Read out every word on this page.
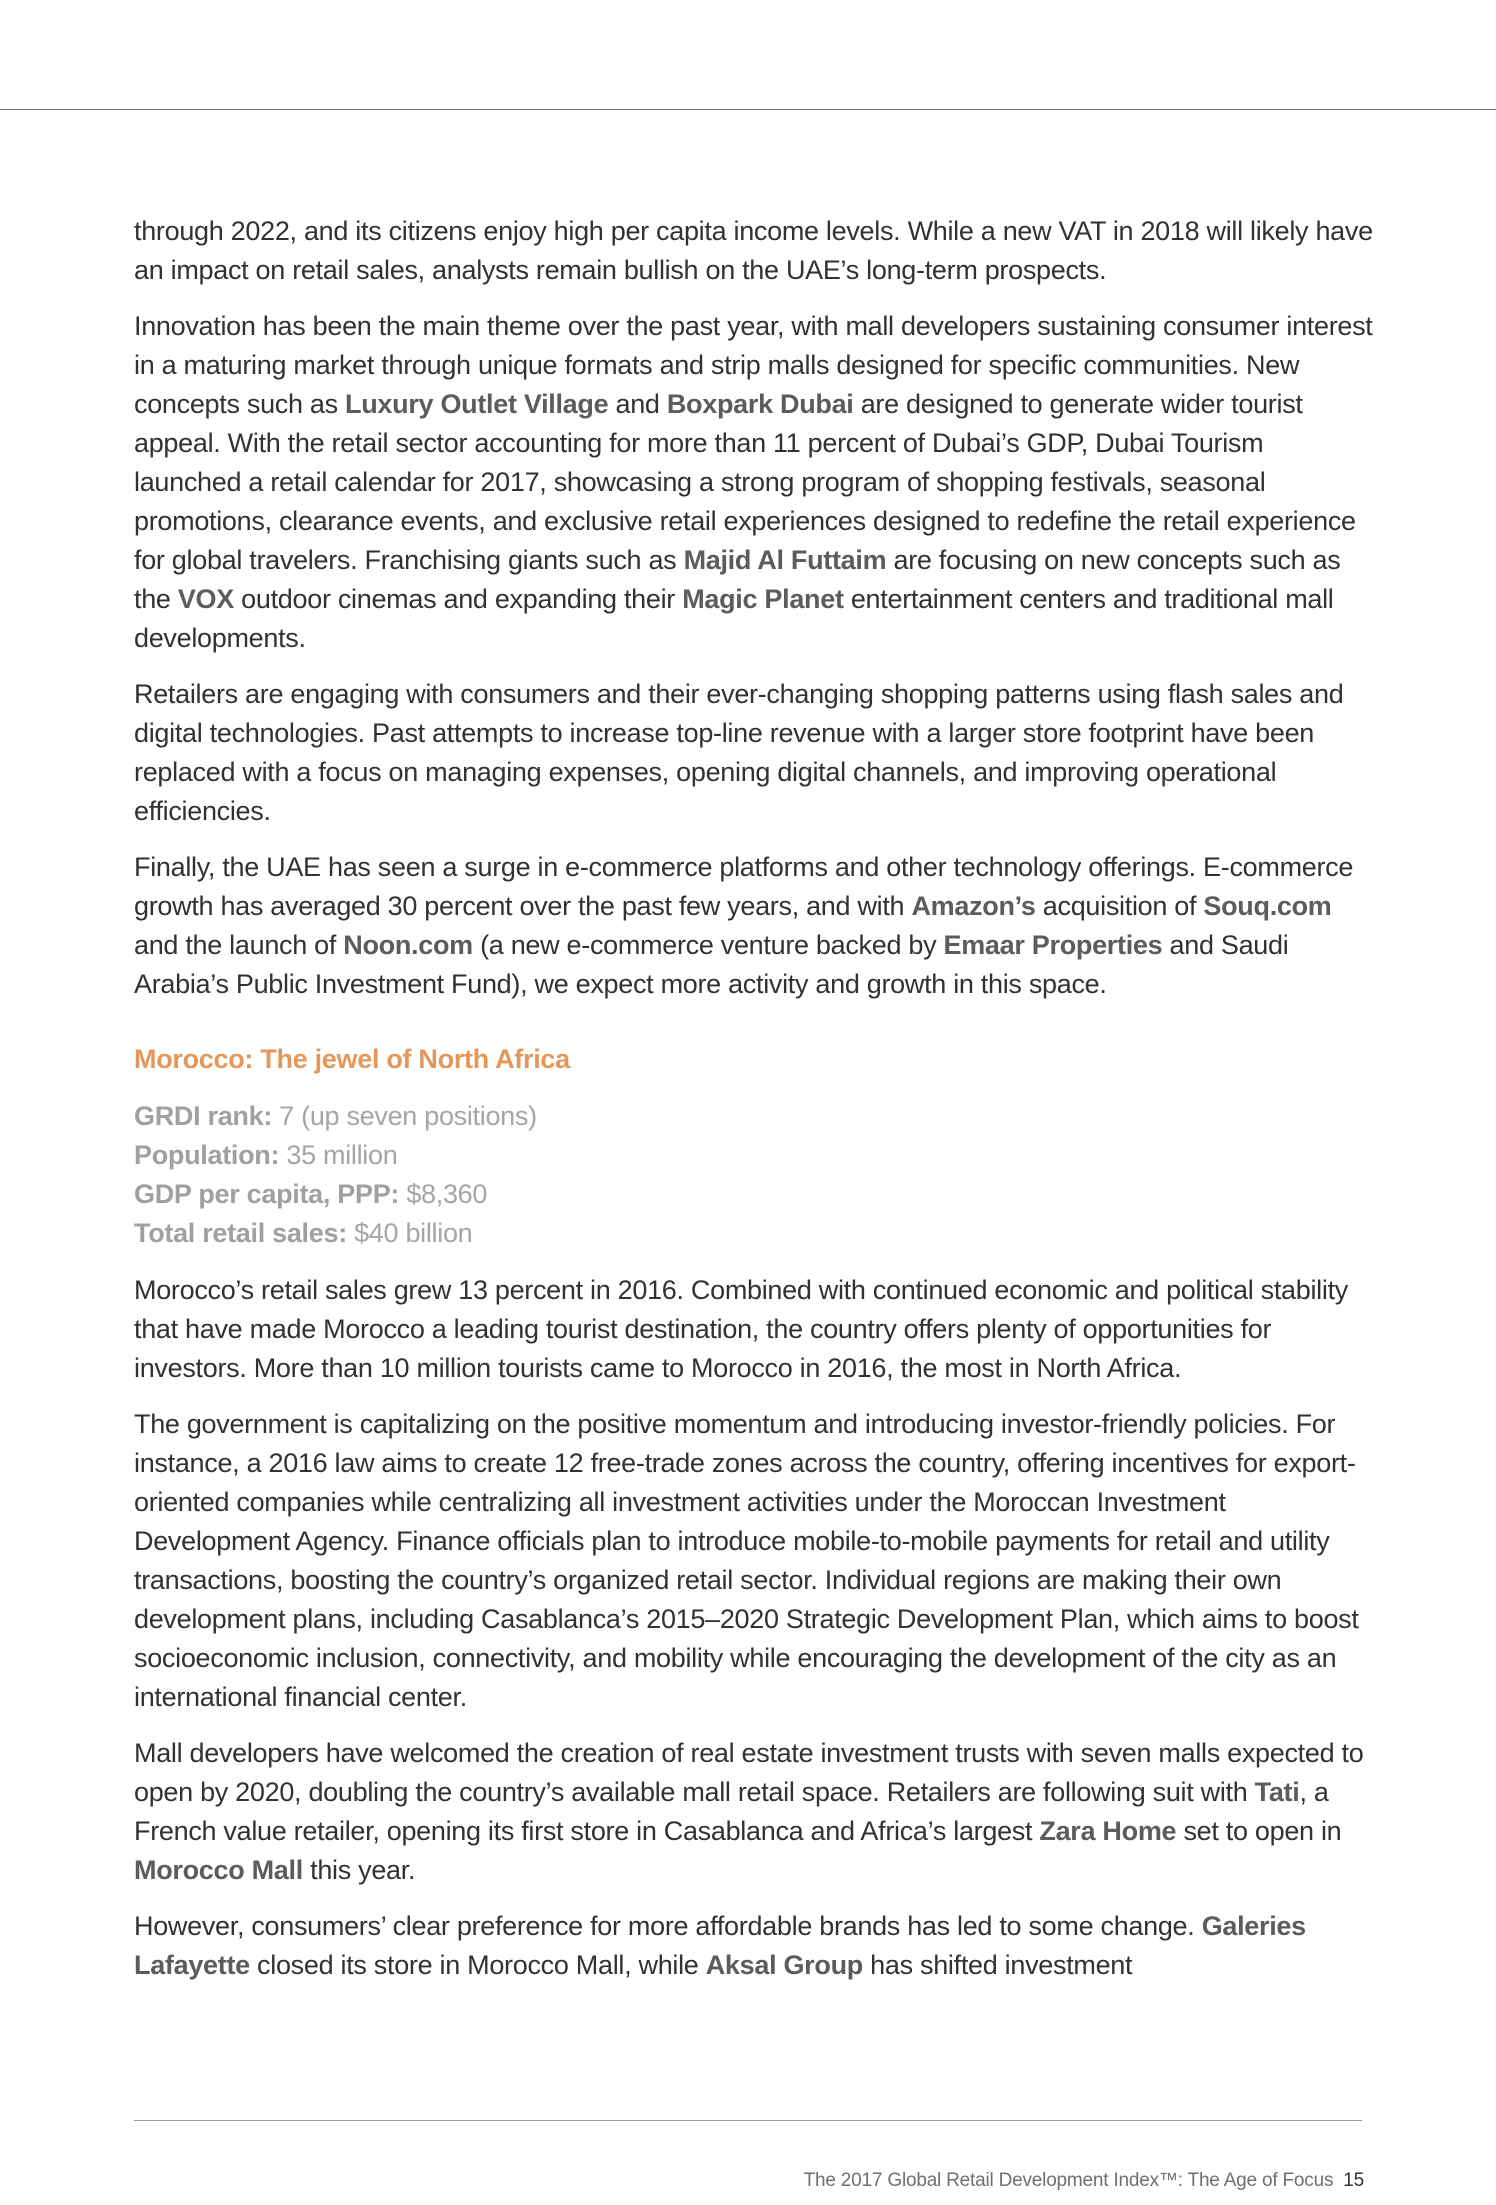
through 2022, and its citizens enjoy high per capita income levels. While a new VAT in 2018 will likely have an impact on retail sales, analysts remain bullish on the UAE’s long-term prospects.

Innovation has been the main theme over the past year, with mall developers sustaining consumer interest in a maturing market through unique formats and strip malls designed for specific communities. New concepts such as Luxury Outlet Village and Boxpark Dubai are designed to generate wider tourist appeal. With the retail sector accounting for more than 11 percent of Dubai’s GDP, Dubai Tourism launched a retail calendar for 2017, showcasing a strong program of shopping festivals, seasonal promotions, clearance events, and exclusive retail experiences designed to redefine the retail experience for global travelers. Franchising giants such as Majid Al Futtaim are focusing on new concepts such as the VOX outdoor cinemas and expanding their Magic Planet entertainment centers and traditional mall developments.

Retailers are engaging with consumers and their ever-changing shopping patterns using flash sales and digital technologies. Past attempts to increase top-line revenue with a larger store footprint have been replaced with a focus on managing expenses, opening digital channels, and improving operational efficiencies.

Finally, the UAE has seen a surge in e-commerce platforms and other technology offerings. E-commerce growth has averaged 30 percent over the past few years, and with Amazon’s acquisition of Souq.com and the launch of Noon.com (a new e-commerce venture backed by Emaar Properties and Saudi Arabia’s Public Investment Fund), we expect more activity and growth in this space.

Morocco: The jewel of North Africa
GRDI rank: 7 (up seven positions)
Population: 35 million
GDP per capita, PPP: $8,360
Total retail sales: $40 billion

Morocco’s retail sales grew 13 percent in 2016. Combined with continued economic and political stability that have made Morocco a leading tourist destination, the country offers plenty of opportunities for investors. More than 10 million tourists came to Morocco in 2016, the most in North Africa.

The government is capitalizing on the positive momentum and introducing investor-friendly policies. For instance, a 2016 law aims to create 12 free-trade zones across the country, offering incentives for export-oriented companies while centralizing all investment activities under the Moroccan Investment Development Agency. Finance officials plan to introduce mobile-to-mobile payments for retail and utility transactions, boosting the country’s organized retail sector. Individual regions are making their own development plans, including Casablanca’s 2015–2020 Strategic Development Plan, which aims to boost socioeconomic inclusion, connectivity, and mobility while encouraging the development of the city as an international financial center.

Mall developers have welcomed the creation of real estate investment trusts with seven malls expected to open by 2020, doubling the country’s available mall retail space. Retailers are following suit with Tati, a French value retailer, opening its first store in Casablanca and Africa’s largest Zara Home set to open in Morocco Mall this year.

However, consumers’ clear preference for more affordable brands has led to some change. Galeries Lafayette closed its store in Morocco Mall, while Aksal Group has shifted investment

The 2017 Global Retail Development Index™: The Age of Focus 15
